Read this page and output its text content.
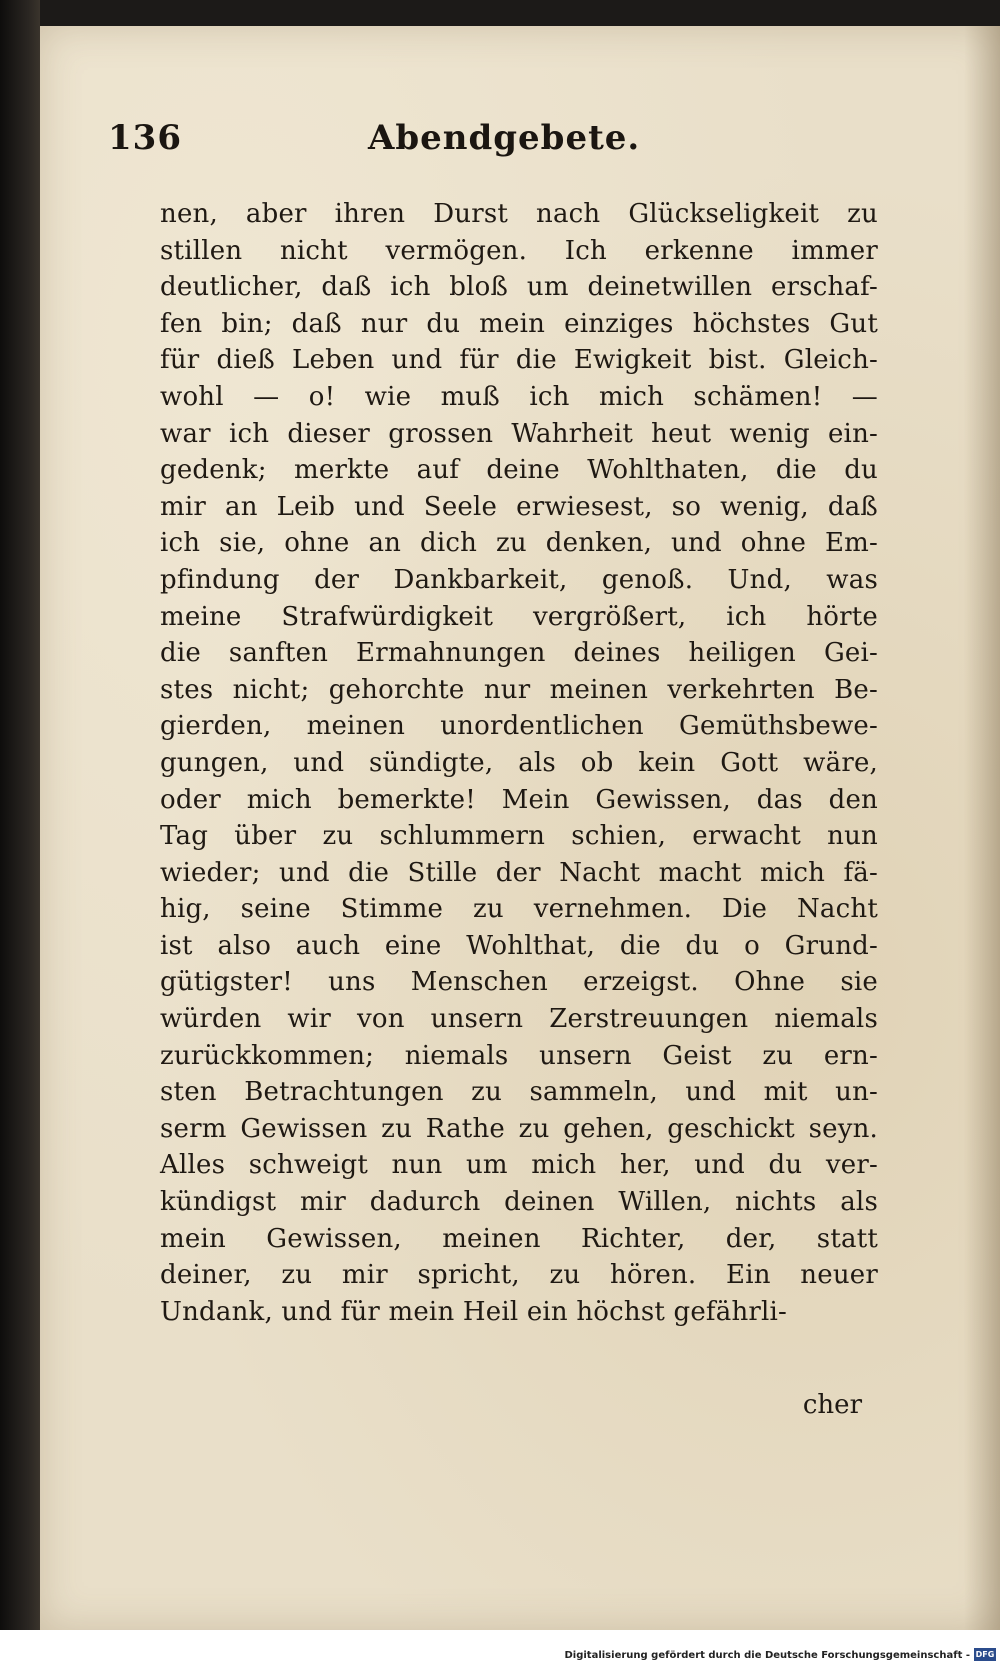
136	Abendgebete.
nen, aber ihren Durst nach Glückseligkeit zu
stillen nicht vermögen. Ich erkenne immer
deutlicher, daß ich bloß um deinetwillen erschaf-
fen bin; daß nur du mein einziges höchstes Gut
für dieß Leben und für die Ewigkeit bist. Gleich-
wohl — o! wie muß ich mich schämen! —
war ich dieser grossen Wahrheit heut wenig ein-
gedenk; merkte auf deine Wohlthaten, die du
mir an Leib und Seele erwiesest, so wenig, daß
ich sie, ohne an dich zu denken, und ohne Em-
pfindung der Dankbarkeit, genoß. Und, was
meine Strafwürdigkeit vergrößert, ich hörte
die sanften Ermahnungen deines heiligen Gei-
stes nicht; gehorchte nur meinen verkehrten Be-
gierden, meinen unordentlichen Gemüthsbewe-
gungen, und sündigte, als ob kein Gott wäre,
oder mich bemerkte! Mein Gewissen, das den
Tag über zu schlummern schien, erwacht nun
wieder; und die Stille der Nacht macht mich fä-
hig, seine Stimme zu vernehmen. Die Nacht
ist also auch eine Wohlthat, die du o Grund-
gütigster! uns Menschen erzeigst. Ohne sie
würden wir von unsern Zerstreuungen niemals
zurückkommen; niemals unsern Geist zu ern-
sten Betrachtungen zu sammeln, und mit un-
serm Gewissen zu Rathe zu gehen, geschickt seyn.
Alles schweigt nun um mich her, und du ver-
kündigst mir dadurch deinen Willen, nichts als
mein Gewissen, meinen Richter, der, statt
deiner, zu mir spricht, zu hören. Ein neuer
Undank, und für mein Heil ein höchst gefährli-
cher
Digitalisierung gefördert durch die Deutsche Forschungsgemeinschaft - DFG
